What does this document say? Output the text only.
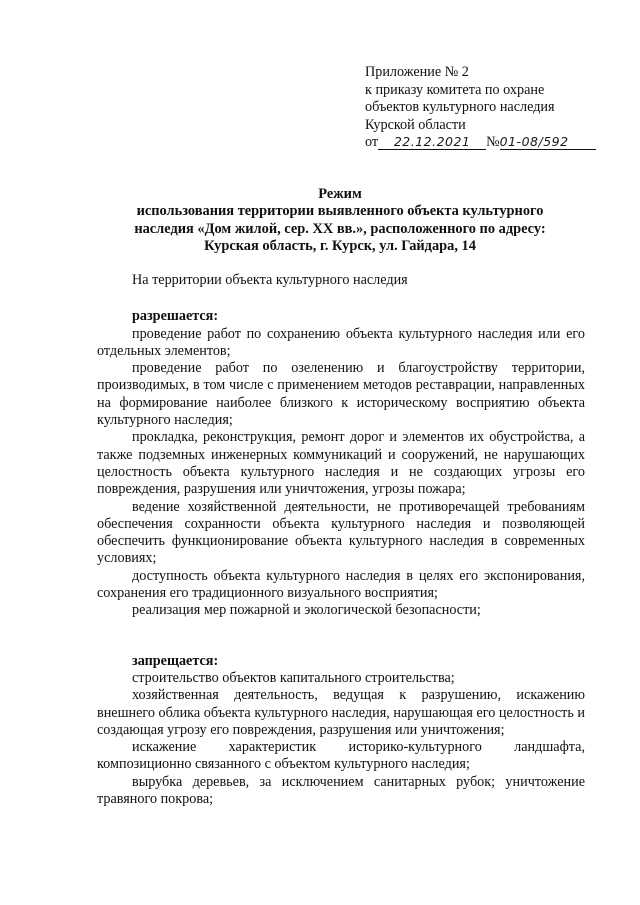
Приложение № 2
к приказу комитета по охране
объектов культурного наследия
Курской области
от 22.12.2021 №01-08/592
Режим
использования территории выявленного объекта культурного
наследия «Дом жилой, сер. XX вв.», расположенного по адресу:
Курская область, г. Курск, ул. Гайдара, 14

На территории объекта культурного наследия

разрешается:

проведение работ по сохранению объекта культурного наследия или его отдельных элементов;

проведение работ по озеленению и благоустройству территории, производимых, в том числе с применением методов реставрации, направленных на формирование наиболее близкого к историческому восприятию объекта культурного наследия;

прокладка, реконструкция, ремонт дорог и элементов их обустройства, а также подземных инженерных коммуникаций и сооружений, не нарушающих целостность объекта культурного наследия и не создающих угрозы его повреждения, разрушения или уничтожения, угрозы пожара;

ведение хозяйственной деятельности, не противоречащей требованиям обеспечения сохранности объекта культурного наследия и позволяющей обеспечить функционирование объекта культурного наследия в современных условиях;

доступность объекта культурного наследия в целях его экспонирования, сохранения его традиционного визуального восприятия;

реализация мер пожарной и экологической безопасности;

запрещается:

строительство объектов капитального строительства;

хозяйственная деятельность, ведущая к разрушению, искажению внешнего облика объекта культурного наследия, нарушающая его целостность и создающая угрозу его повреждения, разрушения или уничтожения;

искажение характеристик историко-культурного ландшафта, композиционно связанного с объектом культурного наследия;

вырубка деревьев, за исключением санитарных рубок; уничтожение травяного покрова;
